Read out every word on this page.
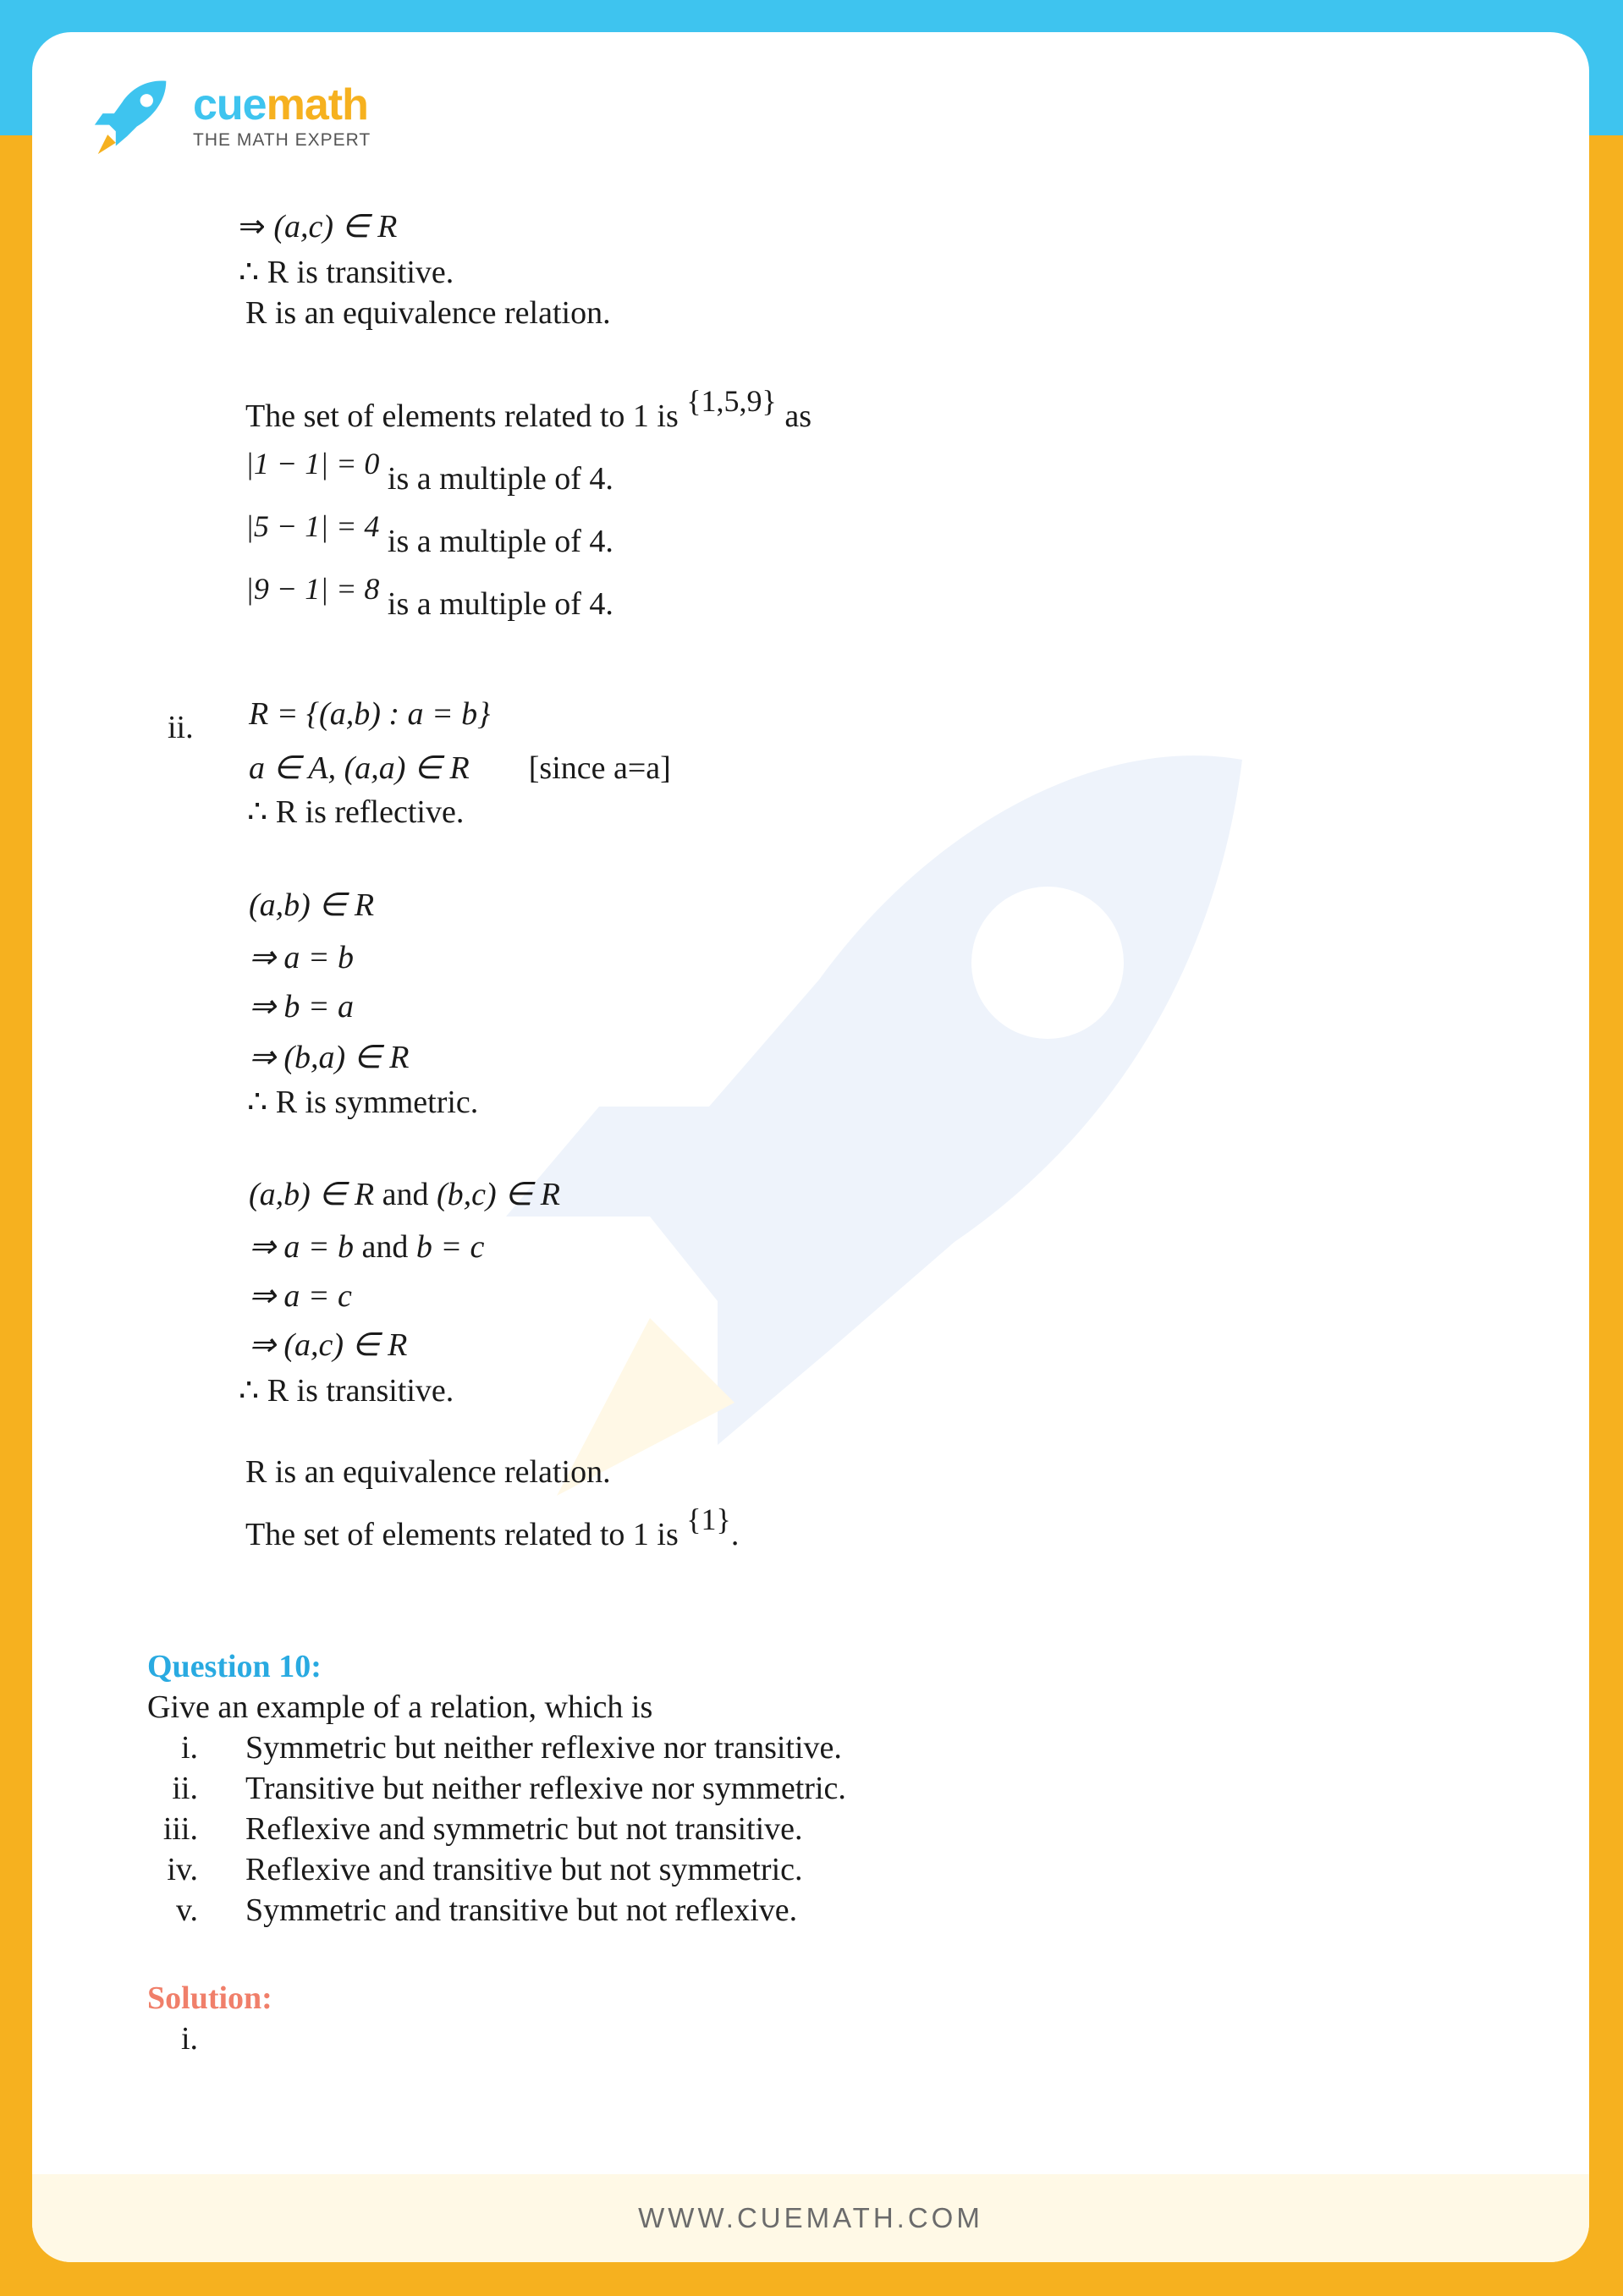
cuemath
THE MATH EXPERT
⇒ (a,c) ∈ R
∴ R is transitive.
R is an equivalence relation.
The set of elements related to 1 is {1,5,9} as
|1 − 1| = 0 is a multiple of 4.
|5 − 1| = 4 is a multiple of 4.
|9 − 1| = 8 is a multiple of 4.
ii. R = {(a,b) : a = b}
a ∈ A, (a,a) ∈ R [since a=a]
∴ R is reflective.
(a,b) ∈ R
⇒ a = b
⇒ b = a
⇒ (b,a) ∈ R
∴ R is symmetric.
(a,b) ∈ R and (b,c) ∈ R
⇒ a = b and b = c
⇒ a = c
⇒ (a,c) ∈ R
∴ R is transitive.
R is an equivalence relation.
The set of elements related to 1 is {1}.
Question 10:
Give an example of a relation, which is
i. Symmetric but neither reflexive nor transitive.
ii. Transitive but neither reflexive nor symmetric.
iii. Reflexive and symmetric but not transitive.
iv. Reflexive and transitive but not symmetric.
v. Symmetric and transitive but not reflexive.
Solution:
i.
WWW.CUEMATH.COM
